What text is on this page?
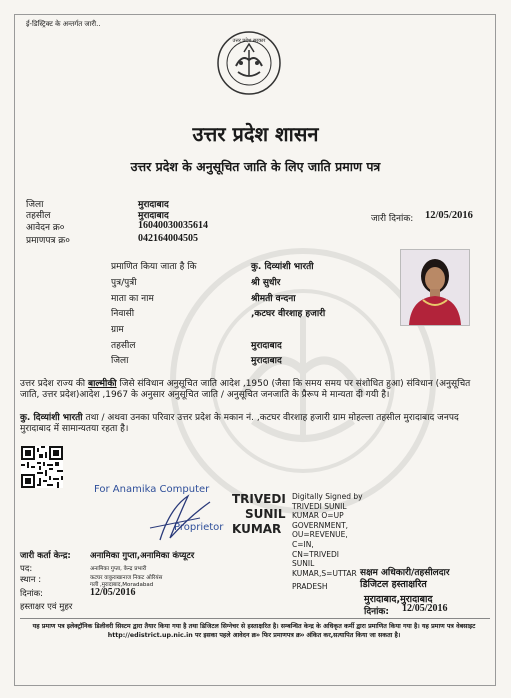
ई-डिस्ट्रिक्ट के अन्तर्गत जारी..
उत्तर प्रदेश सरकार
उत्तर प्रदेश शासन
उत्तर प्रदेश के अनुसूचित जाति के लिए जाति प्रमाण पत्र
जिला	मुरादाबाद
तहसील	मुरादाबाद
आवेदन क्र०	16040030035614
प्रमाणपत्र क्र०	042164004505
जारी दिनांक: 12/05/2016
प्रमाणित किया जाता है कि	कु. दिव्यांशी भारती
पुत्र/पुत्री	श्री सुधीर
माता का नाम	श्रीमती वन्दना
निवासी	,कटघर वीरशाह हजारी
ग्राम
तहसील	मुरादाबाद
जिला	मुरादाबाद
उत्तर प्रदेश राज्य की बाल्मीकी जिसे संविधान अनुसूचित जाति आदेश ,1950 (जैसा कि समय समय पर संशोधित हुआ) संविधान (अनुसूचित जाति, उत्तर प्रदेश)आदेश ,1967 के अनुसार अनुसूचित जाति / अनुसूचित जनजाति के प्रैरूप मे मान्यता दी गयी है।
कु. दिव्यांशी भारती तथा / अथवा उनका परिवार उत्तर प्रदेश के मकान नं. ,कटघर वीरशाह हजारी ग्राम मोहल्ला तहसील मुरादाबाद जनपद मुरादाबाद में सामान्यतया रहता है।
For Anamika Computer
Proprietor
TRIVEDI
SUNIL
KUMAR
Digitally Signed by
TRIVEDI SUNIL
KUMAR O=UP
GOVERNMENT,
OU=REVENUE,
C=IN,
CN=TRIVEDI
SUNIL
KUMAR,S=UTTAR
PRADESH
जारी कर्ता केन्द्र: अनामिका गुप्ता,अनामिका कंप्यूटर
पद:	अनामिका गुप्ता, केन्द्र प्रभारी
स्थान :	कटघर वाकुराखानाज निकट ओरियंस
गली ,मुरादाबाद,Moradabad
दिनांक:	12/05/2016
हस्ताक्षर एवं मुहर
सक्षम अधिकारी/तहसीलदार
डिजिटल हस्ताक्षरित
मुरादाबाद,मुरादाबाद
दिनांक: 12/05/2016
यह प्रमाण पत्र इलेक्ट्रॉनिक डिलीवरी सिस्टम द्वारा तैयार किया गया है तथा डिजिटल सिग्नेचर से हस्ताक्षरित है। सम्बन्धित केन्द्र के अधिकृत कर्मी द्वारा प्रमाणित किया गया है। यह प्रमाण पत्र वेबसाइट http://edistrict.up.nic.in पर इसका पहले आवेदन क्र० फिर प्रमाणपत्र क्र० अंकित कर,सत्यापित किया जा सकता है।
